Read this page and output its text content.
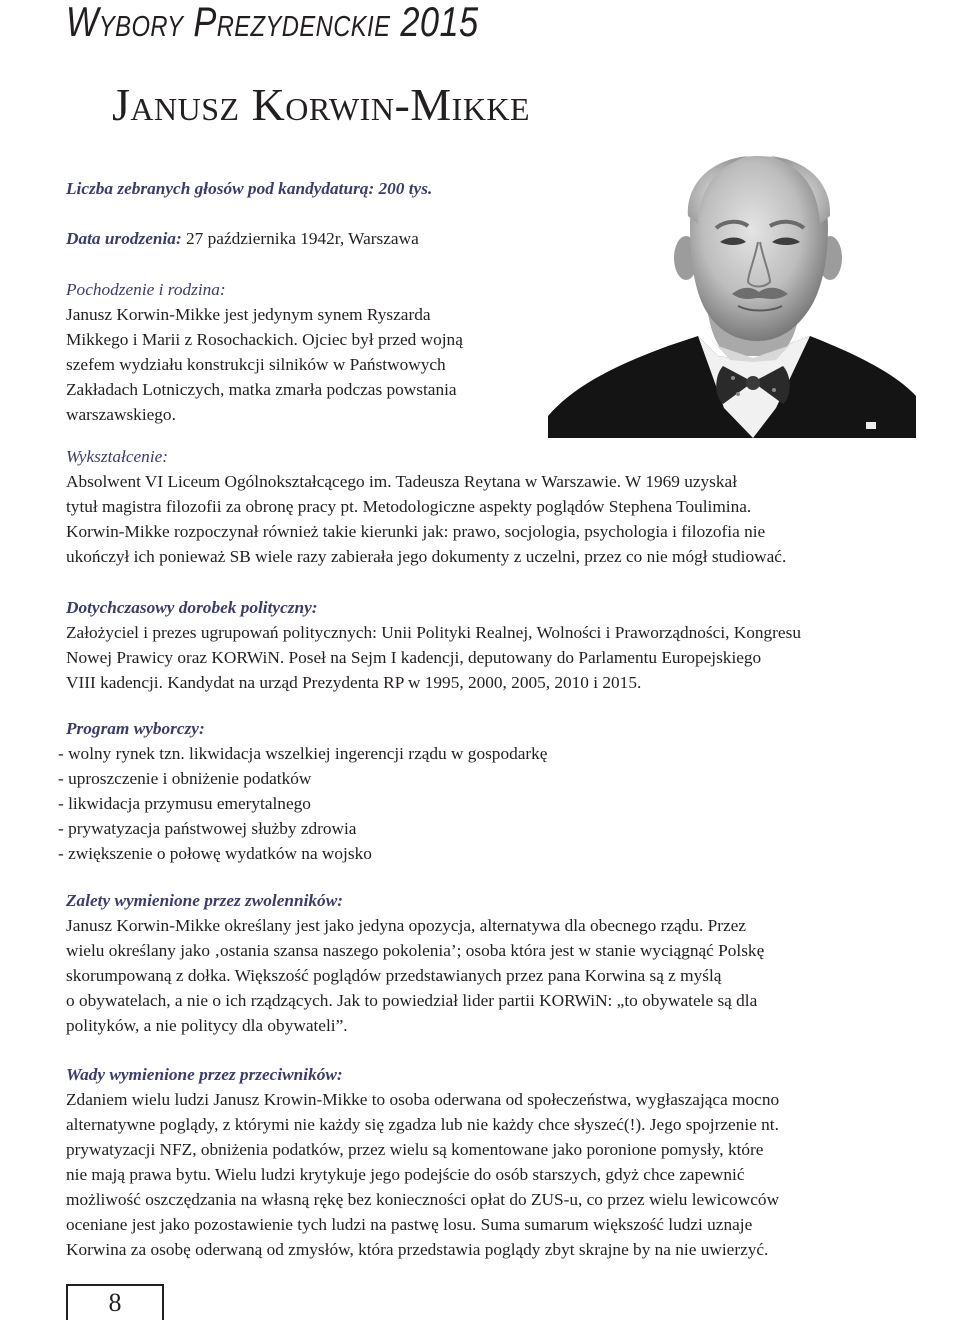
Wybory Prezydenckie 2015
Janusz Korwin-Mikke
Liczba zebranych głosów pod kandydaturą: 200 tys.
Data urodzenia: 27 października 1942r, Warszawa
Pochodzenie i rodzina:
Janusz Korwin-Mikke jest jedynym synem Ryszarda
Mikkego i Marii z Rosochackich. Ojciec był przed wojną
szefem wydziału konstrukcji silników w Państwowych
Zakładach Lotniczych, matka zmarła podczas powstania
warszawskiego.
Wykształcenie:
Absolwent VI Liceum Ogólnokształcącego im. Tadeusza Reytana w Warszawie. W 1969 uzyskał
tytuł magistra filozofii za obronę pracy pt. Metodologiczne aspekty poglądów Stephena Toulimina.
Korwin-Mikke rozpoczynał również takie kierunki jak: prawo, socjologia, psychologia i filozofia nie
ukończył ich ponieważ SB wiele razy zabierała jego dokumenty z uczelni, przez co nie mógł studiować.
Dotychczasowy dorobek polityczny:
Założyciel i prezes ugrupowań politycznych: Unii Polityki Realnej, Wolności i Praworządności, Kongresu
Nowej Prawicy oraz KORWiN. Poseł na Sejm I kadencji, deputowany do Parlamentu Europejskiego
VIII kadencji. Kandydat na urząd Prezydenta RP w 1995, 2000, 2005, 2010 i 2015.
Program wyborczy:
- wolny rynek tzn. likwidacja wszelkiej ingerencji rządu w gospodarkę
- uproszczenie i obniżenie podatków
- likwidacja przymusu emerytalnego
- prywatyzacja państwowej służby zdrowia
- zwiększenie o połowę wydatków na wojsko
Zalety wymienione przez zwolenników:
Janusz Korwin-Mikke określany jest jako jedyna opozycja, alternatywa dla obecnego rządu. Przez
wielu określany jako ‚ostania szansa naszego pokolenia’; osoba która jest w stanie wyciągnąć Polskę
skorumpowaną z dołka. Większość poglądów przedstawianych przez pana Korwina są z myślą
o obywatelach, a nie o ich rządzących. Jak to powiedział lider partii KORWiN: „to obywatele są dla
polityków, a nie politycy dla obywateli”.
Wady wymienione przez przeciwników:
Zdaniem wielu ludzi Janusz Krowin-Mikke to osoba oderwana od społeczeństwa, wygłaszająca mocno
alternatywne poglądy, z którymi nie każdy się zgadza lub nie każdy chce słyszeć(!). Jego spojrzenie nt.
prywatyzacji NFZ, obniżenia podatków, przez wielu są komentowane jako poronione pomysły, które
nie mają prawa bytu. Wielu ludzi krytykuje jego podejście do osób starszych, gdyż chce zapewnić
możliwość oszczędzania na własną rękę bez konieczności opłat do ZUS-u, co przez wielu lewicowców
oceniane jest jako pozostawienie tych ludzi na pastwę losu. Suma sumarum większość ludzi uznaje
Korwina za osobę oderwaną od zmysłów, która przedstawia poglądy zbyt skrajne by na nie uwierzyć.
8
